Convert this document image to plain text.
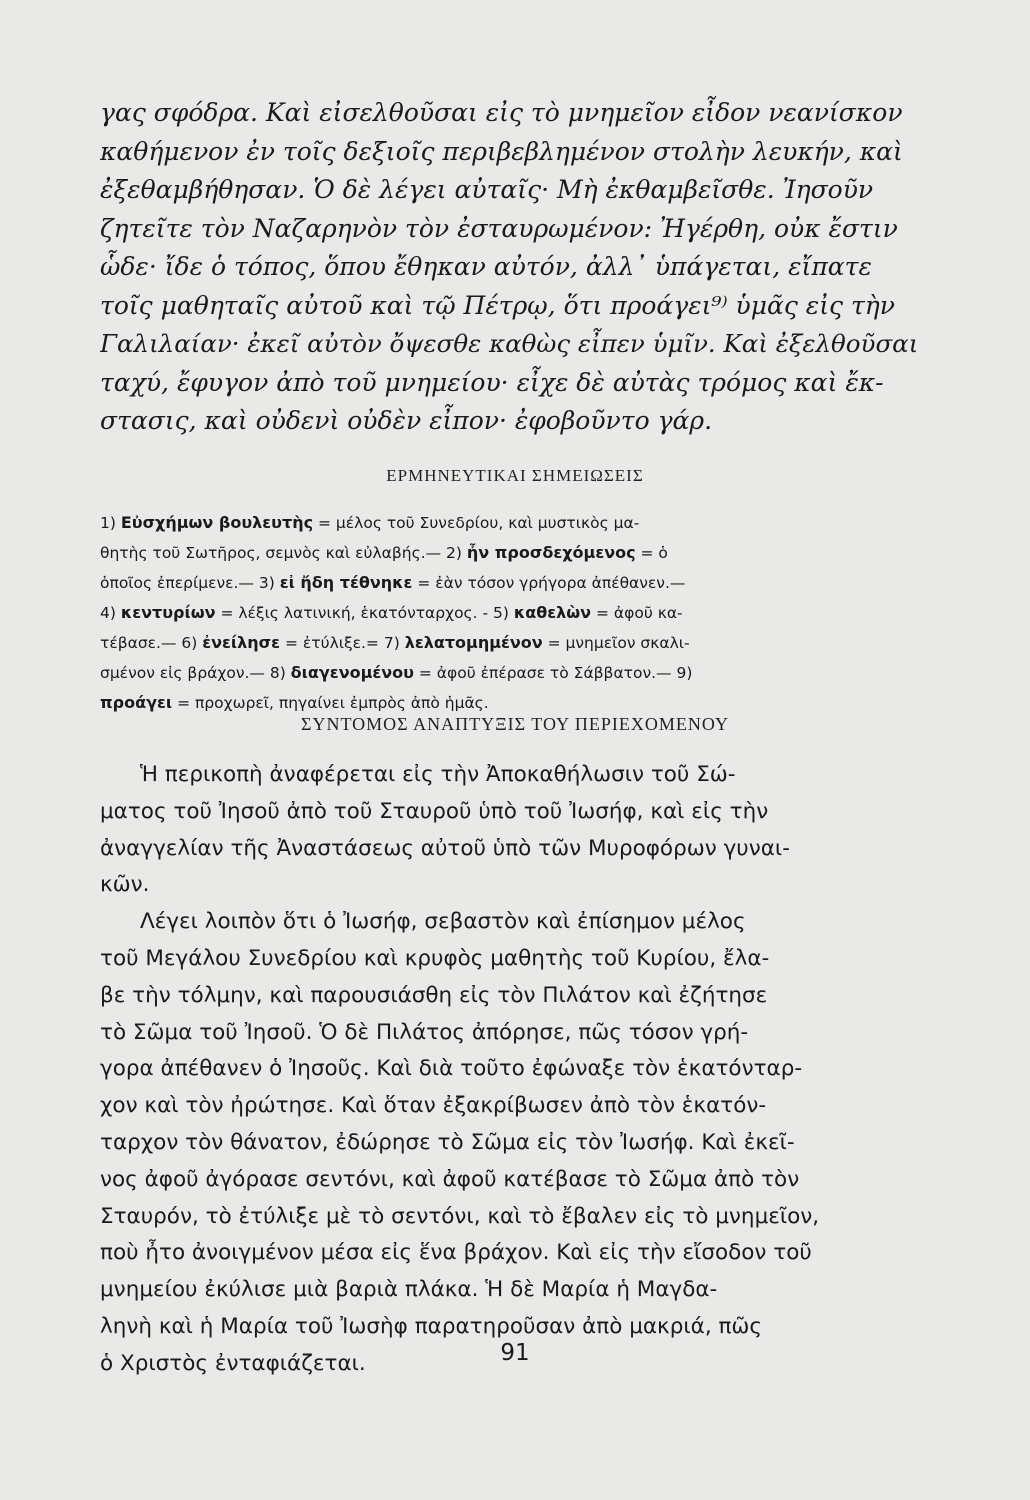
γας σφόδρα. Καὶ εἰσελθοῦσαι εἰς τὸ μνημεῖον εἶδον νεανίσκον
καθήμενον ἐν τοῖς δεξιοῖς περιβεβλημένον στολὴν λευκήν, καὶ
ἐξεθαμβήθησαν. Ὁ δὲ λέγει αὐταῖς· Μὴ ἐκθαμβεῖσθε. Ἰησοῦν
ζητεῖτε τὸν Ναζαρηνὸν τὸν ἐσταυρωμένον: Ἠγέρθη, οὐκ ἔστιν
ὧδε· ἴδε ὁ τόπος, ὅπου ἔθηκαν αὐτόν, ἀλλ᾽ ὑπάγεται, εἴπατε
τοῖς μαθηταῖς αὐτοῦ καὶ τῷ Πέτρῳ, ὅτι προάγει⁹⁾ ὑμᾶς εἰς τὴν
Γαλιλαίαν· ἐκεῖ αὐτὸν ὄψεσθε καθὼς εἶπεν ὑμῖν. Καὶ ἐξελθοῦσαι
ταχύ, ἔφυγον ἀπὸ τοῦ μνημείου· εἶχε δὲ αὐτὰς τρόμος καὶ ἔκ-
στασις, καὶ οὐδενὶ οὐδὲν εἶπον· ἐφοβοῦντο γάρ.
ΕΡΜΗΝΕΥΤΙΚΑΙ ΣΗΜΕΙΩΣΕΙΣ
1) Εὐσχήμων βουλευτὴς = μέλος τοῦ Συνεδρίου, καὶ μυστικὸς μα-
θητὴς τοῦ Σωτῆρος, σεμνὸς καὶ εὐλαβής.— 2) ἦν προσδεχόμενος = ὁ
ὁποῖος ἐπερίμενε.— 3) εἰ ἤδη τέθνηκε = ἐὰν τόσον γρήγορα ἀπέθανεν.—
4) κεντυρίων = λέξις λατινική, ἑκατόνταρχος. - 5) καθελὼν = ἀφοῦ κα-
τέβασε.— 6) ἐνείλησε = ἐτύλιξε.= 7) λελατομημένον = μνημεῖον σκαλι-
σμένον εἰς βράχον.— 8) διαγενομένου = ἀφοῦ ἐπέρασε τὸ Σάββατον.— 9)
προάγει = προχωρεῖ, πηγαίνει ἐμπρὸς ἀπὸ ἡμᾶς.
ΣΥΝΤΟΜΟΣ ΑΝΑΠΤΥΞΙΣ ΤΟΥ ΠΕΡΙΕΧΟΜΕΝΟΥ
Ἡ περικοπὴ ἀναφέρεται εἰς τὴν Ἀποκαθήλωσιν τοῦ Σώ-
ματος τοῦ Ἰησοῦ ἀπὸ τοῦ Σταυροῦ ὑπὸ τοῦ Ἰωσήφ, καὶ εἰς τὴν
ἀναγγελίαν τῆς Ἀναστάσεως αὐτοῦ ὑπὸ τῶν Μυροφόρων γυναι-
κῶν.
Λέγει λοιπὸν ὅτι ὁ Ἰωσήφ, σεβαστὸν καὶ ἐπίσημον μέλος
τοῦ Μεγάλου Συνεδρίου καὶ κρυφὸς μαθητὴς τοῦ Κυρίου, ἔλα-
βε τὴν τόλμην, καὶ παρουσιάσθη εἰς τὸν Πιλάτον καὶ ἐζήτησε
τὸ Σῶμα τοῦ Ἰησοῦ. Ὁ δὲ Πιλάτος ἀπόρησε, πῶς τόσον γρή-
γορα ἀπέθανεν ὁ Ἰησοῦς. Καὶ διὰ τοῦτο ἐφώναξε τὸν ἑκατόνταρ-
χον καὶ τὸν ἠρώτησε. Καὶ ὅταν ἐξακρίβωσεν ἀπὸ τὸν ἑκατόν-
ταρχον τὸν θάνατον, ἐδώρησε τὸ Σῶμα εἰς τὸν Ἰωσήφ. Καὶ ἐκεῖ-
νος ἀφοῦ ἀγόρασε σεντόνι, καὶ ἀφοῦ κατέβασε τὸ Σῶμα ἀπὸ τὸν
Σταυρόν, τὸ ἐτύλιξε μὲ τὸ σεντόνι, καὶ τὸ ἔβαλεν εἰς τὸ μνημεῖον,
ποὺ ἦτο ἀνοιγμένον μέσα εἰς ἕνα βράχον. Καὶ εἰς τὴν εἴσοδον τοῦ
μνημείου ἐκύλισε μιὰ βαριὰ πλάκα. Ἡ δὲ Μαρία ἡ Μαγδα-
ληνὴ καὶ ἡ Μαρία τοῦ Ἰωσὴφ παρατηροῦσαν ἀπὸ μακριά, πῶς
ὁ Χριστὸς ἐνταφιάζεται.	91
